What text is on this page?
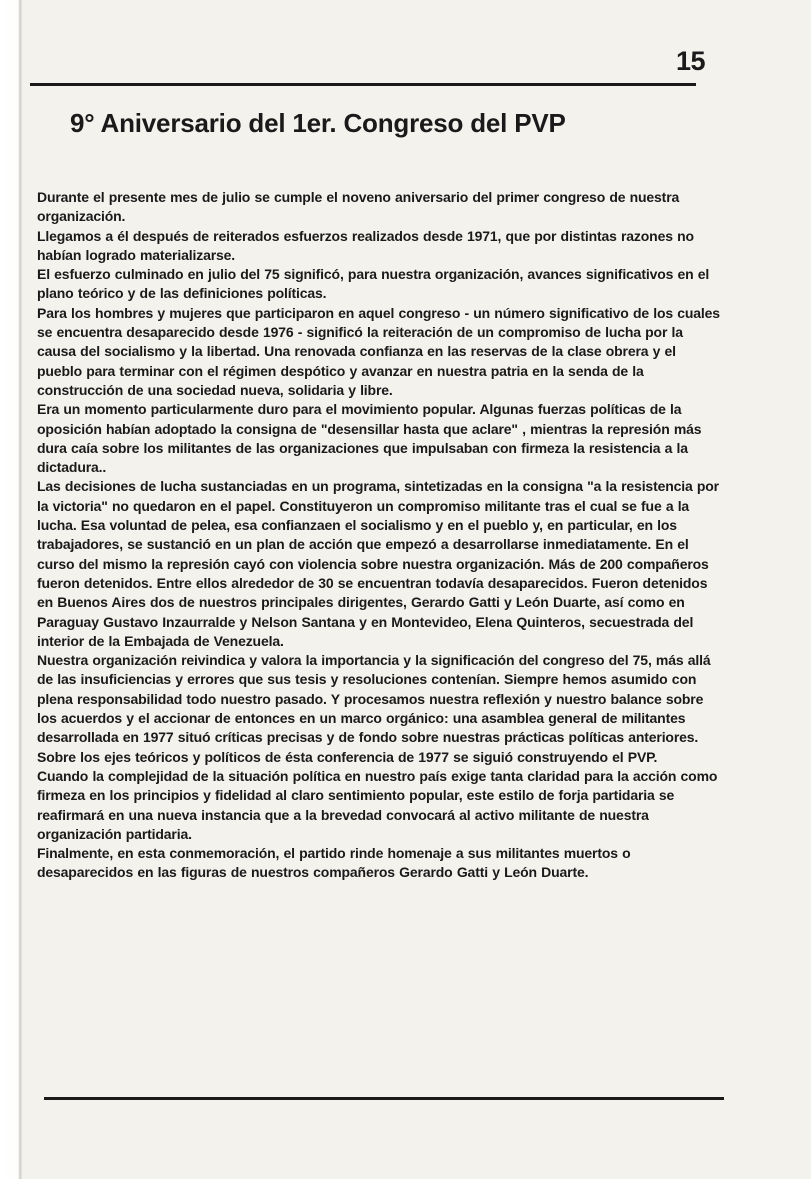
15
9° Aniversario del 1er. Congreso del PVP

Durante el presente mes de julio se cumple el noveno aniversario del primer congreso de nuestra organización.
Llegamos a él después de reiterados esfuerzos realizados desde 1971, que por distintas razones no habían logrado materializarse.
El esfuerzo culminado en julio del 75 significó, para nuestra organización, avances significativos en el plano teórico y de las definiciones políticas.
Para los hombres y mujeres que participaron en aquel congreso - un número significativo de los cuales se encuentra desaparecido desde 1976 - significó la reiteración de un compromiso de lucha por la causa del socialismo y la libertad. Una renovada confianza en las reservas de la clase obrera y el pueblo para terminar con el régimen despótico y avanzar en nuestra patria en la senda de la construcción de una sociedad nueva, solidaria y libre.
Era un momento particularmente duro para el movimiento popular. Algunas fuerzas políticas de la oposición habían adoptado la consigna de "desensillar hasta que aclare" , mientras la represión más dura caía sobre los militantes de las organizaciones que impulsaban con firmeza la resistencia a la dictadura..
Las decisiones de lucha sustanciadas en un programa, sintetizadas en la consigna "a la resistencia por la victoria" no quedaron en el papel. Constituyeron un compromiso militante tras el cual se fue a la lucha. Esa voluntad de pelea, esa confianzaen el socialismo y en el pueblo y, en particular, en los trabajadores, se sustanció en un plan de acción que empezó a desarrollarse inmediatamente. En el curso del mismo la represión cayó con violencia sobre nuestra organización. Más de 200 compañeros fueron detenidos. Entre ellos alrededor de 30 se encuentran todavía desaparecidos. Fueron detenidos en Buenos Aires dos de nuestros principales dirigentes, Gerardo Gatti y León Duarte, así como en Paraguay Gustavo Inzaurralde y Nelson Santana y en Montevideo, Elena Quinteros, secuestrada del interior de la Embajada de Venezuela.
Nuestra organización reivindica y valora la importancia y la significación del congreso del 75, más allá de las insuficiencias y errores que sus tesis y resoluciones contenían. Siempre hemos asumido con plena responsabilidad todo nuestro pasado. Y procesamos nuestra reflexión y nuestro balance sobre los acuerdos y el accionar de entonces en un marco orgánico: una asamblea general de militantes desarrollada en 1977 situó críticas precisas y de fondo sobre nuestras prácticas políticas anteriores. Sobre los ejes teóricos y políticos de ésta conferencia de 1977 se siguió construyendo el PVP.
Cuando la complejidad de la situación política en nuestro país exige tanta claridad para la acción como firmeza en los principios y fidelidad al claro sentimiento popular, este estilo de forja partidaria se reafirmará en una nueva instancia que a la brevedad convocará al activo militante de nuestra organización partidaria.
Finalmente, en esta conmemoración, el partido rinde homenaje a sus militantes muertos o desaparecidos en las figuras de nuestros compañeros Gerardo Gatti y León Duarte.
